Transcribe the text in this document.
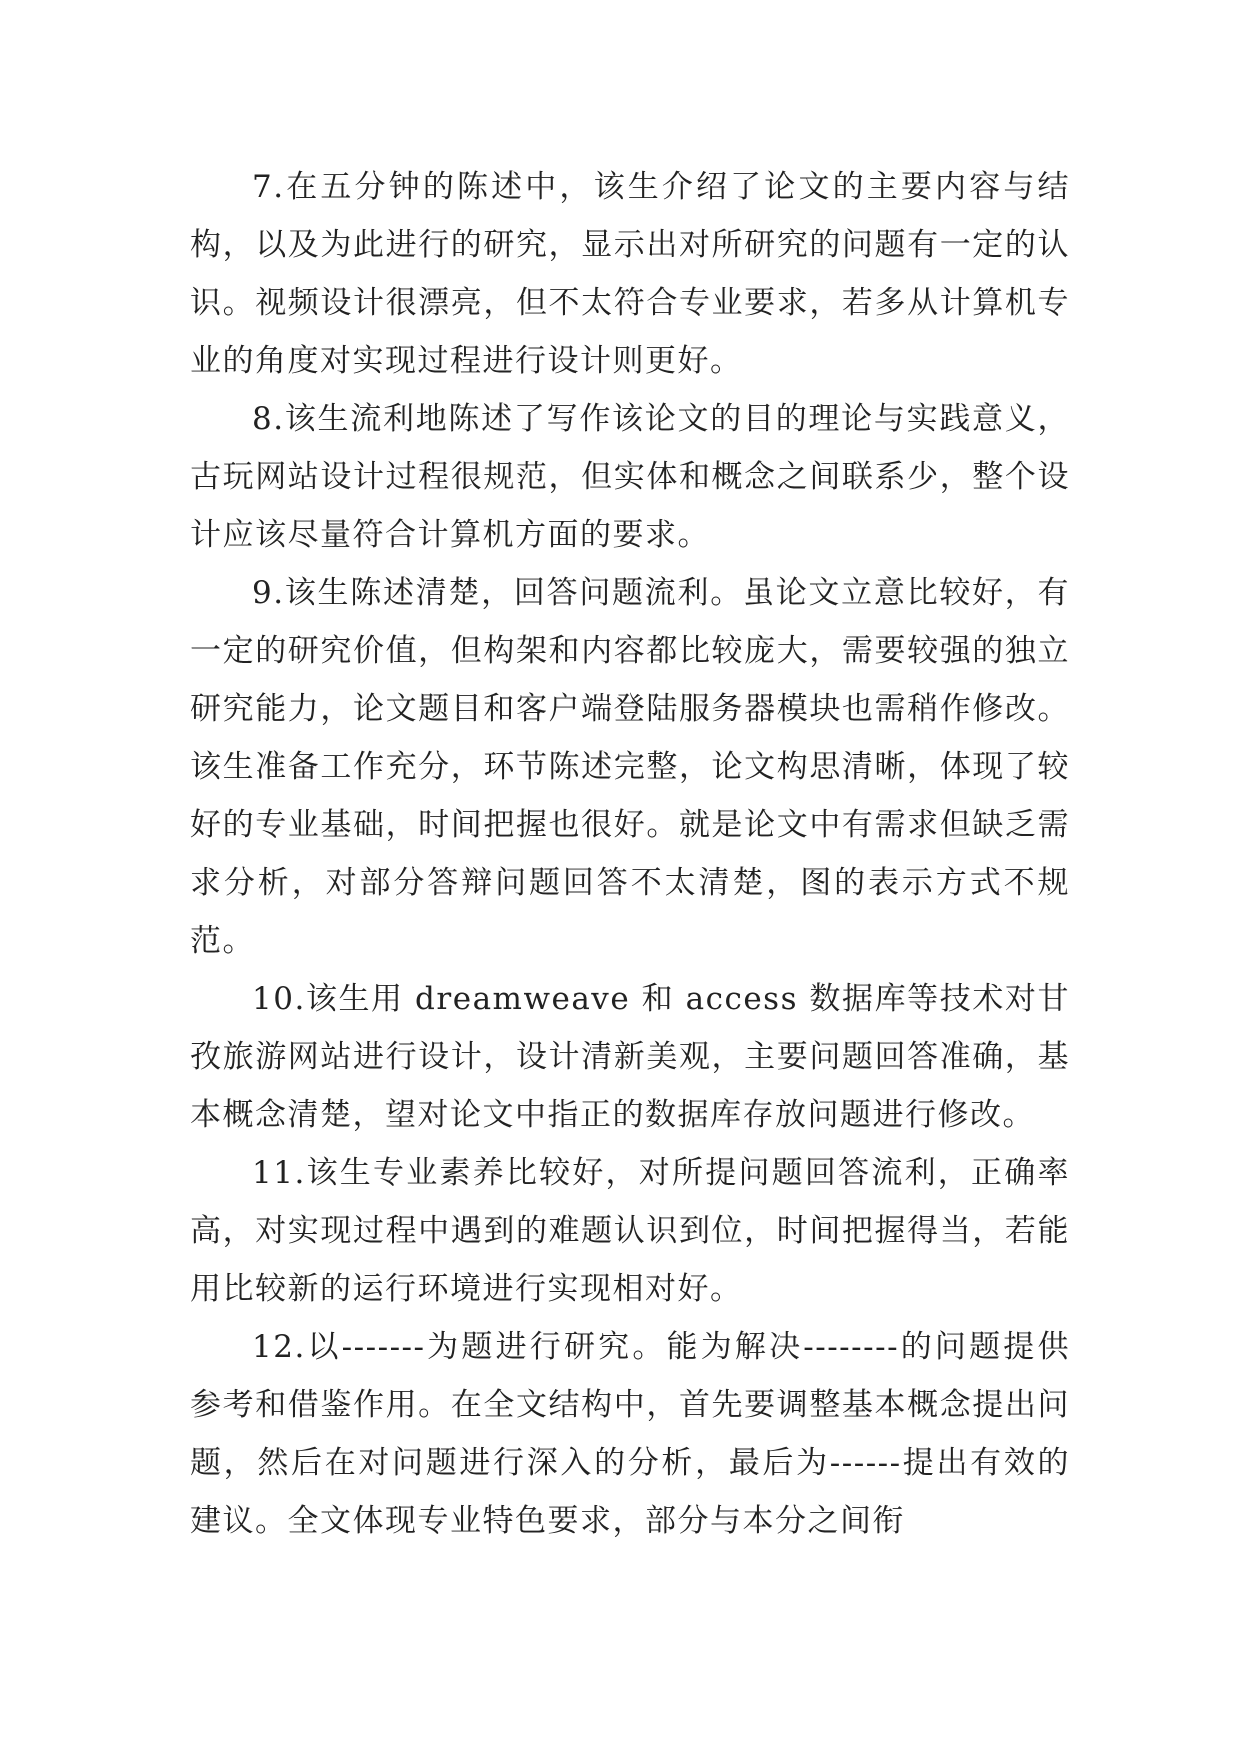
7.在五分钟的陈述中，该生介绍了论文的主要内容与结构，以及为此进行的研究，显示出对所研究的问题有一定的认识。视频设计很漂亮，但不太符合专业要求，若多从计算机专业的角度对实现过程进行设计则更好。

8.该生流利地陈述了写作该论文的目的理论与实践意义，古玩网站设计过程很规范，但实体和概念之间联系少，整个设计应该尽量符合计算机方面的要求。

9.该生陈述清楚，回答问题流利。虽论文立意比较好，有一定的研究价值，但构架和内容都比较庞大，需要较强的独立研究能力，论文题目和客户端登陆服务器模块也需稍作修改。该生准备工作充分，环节陈述完整，论文构思清晰，体现了较好的专业基础，时间把握也很好。就是论文中有需求但缺乏需求分析，对部分答辩问题回答不太清楚，图的表示方式不规范。

10.该生用 dreamweave 和 access 数据库等技术对甘孜旅游网站进行设计，设计清新美观，主要问题回答准确，基本概念清楚，望对论文中指正的数据库存放问题进行修改。

11.该生专业素养比较好，对所提问题回答流利，正确率高，对实现过程中遇到的难题认识到位，时间把握得当，若能用比较新的运行环境进行实现相对好。

12.以-------为题进行研究。能为解决--------的问题提供参考和借鉴作用。在全文结构中，首先要调整基本概念提出问题，然后在对问题进行深入的分析，最后为------提出有效的建议。全文体现专业特色要求，部分与本分之间衔
